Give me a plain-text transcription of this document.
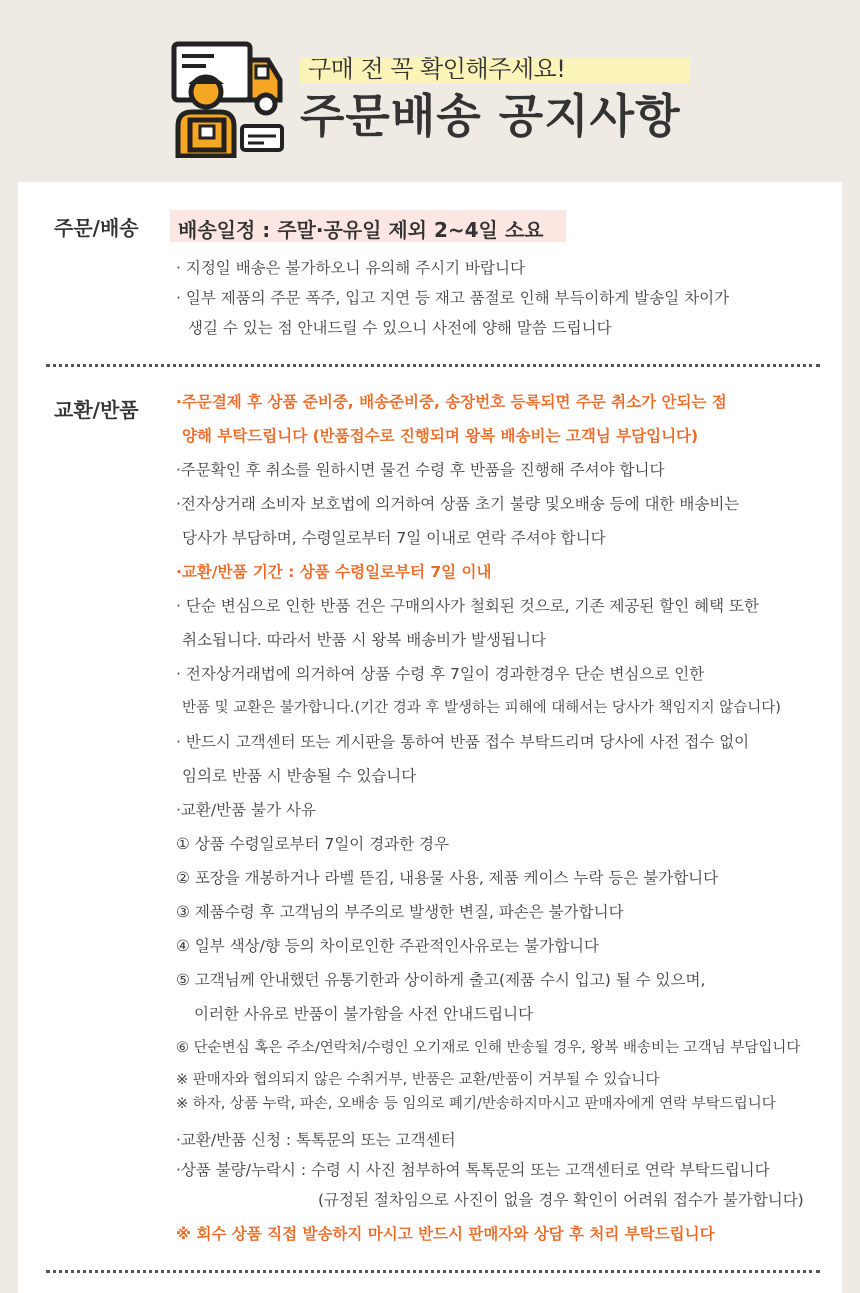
구매 전 꼭 확인해주세요!
주문배송 공지사항
주문/배송 배송일정 : 주말·공유일 제외 2~4일 소요
· 지정일 배송은 불가하오니 유의해 주시기 바랍니다
· 일부 제품의 주문 폭주, 입고 지연 등 재고 품절로 인해 부득이하게 발송일 차이가
생길 수 있는 점 안내드릴 수 있으니 사전에 양해 말씀 드립니다
교환/반품 ·주문결제 후 상품 준비중, 배송준비중, 송장번호 등록되면 주문 취소가 안되는 점
양해 부탁드립니다 (반품접수로 진행되며 왕복 배송비는 고객님 부담입니다)
·주문확인 후 취소를 원하시면 물건 수령 후 반품을 진행해 주셔야 합니다
·전자상거래 소비자 보호법에 의거하여 상품 초기 불량 및오배송 등에 대한 배송비는
당사가 부담하며, 수령일로부터 7일 이내로 연락 주셔야 합니다
·교환/반품 기간 : 상품 수령일로부터 7일 이내
· 단순 변심으로 인한 반품 건은 구매의사가 철회된 것으로, 기존 제공된 할인 혜택 또한
취소됩니다. 따라서 반품 시 왕복 배송비가 발생됩니다
· 전자상거래법에 의거하여 상품 수령 후 7일이 경과한경우 단순 변심으로 인한
반품 및 교환은 불가합니다.(기간 경과 후 발생하는 피해에 대해서는 당사가 책임지지 않습니다)
· 반드시 고객센터 또는 게시판을 통하여 반품 접수 부탁드리며 당사에 사전 접수 없이
임의로 반품 시 반송될 수 있습니다
·교환/반품 불가 사유
① 상품 수령일로부터 7일이 경과한 경우
② 포장을 개봉하거나 라벨 뜯김, 내용물 사용, 제품 케이스 누락 등은 불가합니다
③ 제품수령 후 고객님의 부주의로 발생한 변질, 파손은 불가합니다
④ 일부 색상/향 등의 차이로인한 주관적인사유로는 불가합니다
⑤ 고객님께 안내했던 유통기한과 상이하게 출고(제품 수시 입고) 될 수 있으며,
이러한 사유로 반품이 불가함을 사전 안내드립니다
⑥ 단순변심 혹은 주소/연락처/수령인 오기재로 인해 반송될 경우, 왕복 배송비는 고객님 부담입니다
※ 판매자와 협의되지 않은 수취거부, 반품은 교환/반품이 거부될 수 있습니다
※ 하자, 상품 누락, 파손, 오배송 등 임의로 폐기/반송하지마시고 판매자에게 연락 부탁드립니다
·교환/반품 신청 : 톡톡문의 또는 고객센터
·상품 불량/누락시 : 수령 시 사진 첨부하여 톡톡문의 또는 고객센터로 연락 부탁드립니다
(규정된 절차임으로 사진이 없을 경우 확인이 어려워 접수가 불가합니다)
※ 회수 상품 직접 발송하지 마시고 반드시 판매자와 상담 후 처리 부탁드립니다
